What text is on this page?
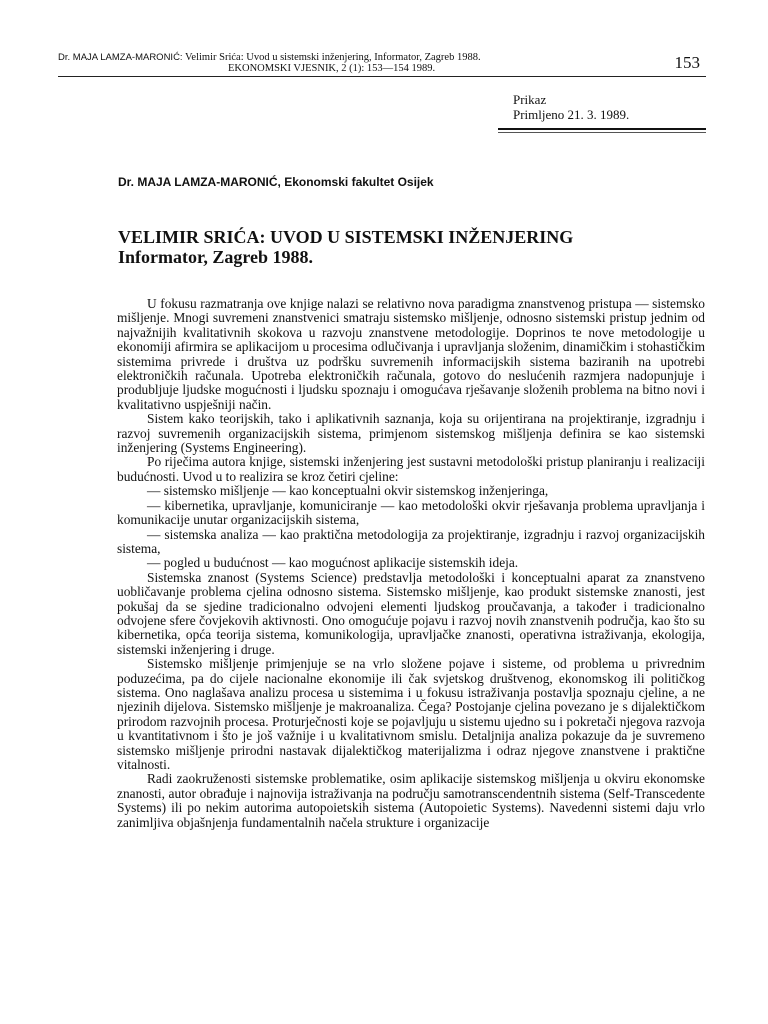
Dr. MAJA LAMZA-MARONIĆ: Velimir Srića: Uvod u sistemski inženjering, Informator, Zagreb 1988.
EKONOMSKI VJESNIK, 2 (1): 153—154 1989.	153
Prikaz
Primljeno 21. 3. 1989.
Dr. MAJA LAMZA-MARONIĆ, Ekonomski fakultet Osijek
VELIMIR SRIĆA: UVOD U SISTEMSKI INŽENJERING
Informator, Zagreb 1988.

U fokusu razmatranja ove knjige nalazi se relativno nova paradigma znanstvenog pristupa — sistemsko mišljenje. Mnogi suvremeni znanstvenici smatraju sistemsko mišljenje, odnosno sistemski pristup jednim od najvažnijih kvalitativnih skokova u razvoju znanstvene metodologije. Doprinos te nove metodologije u ekonomiji afirmira se aplikacijom u procesima odlučivanja i upravljanja složenim, dinamičkim i stohastičkim sistemima privrede i društva uz podršku suvremenih informacijskih sistema baziranih na upotrebi elektroničkih računala. Upotreba elektroničkih računala, gotovo do neslućenih razmjera nadopunjuje i produbljuje ljudske mogućnosti i ljudsku spoznaju i omogućava rješavanje složenih problema na bitno novi i kvalitativno uspješniji način.

Sistem kako teorijskih, tako i aplikativnih saznanja, koja su orijentirana na projektiranje, izgradnju i razvoj suvremenih organizacijskih sistema, primjenom sistemskog mišljenja definira se kao sistemski inženjering (Systems Engineering).

Po riječima autora knjige, sistemski inženjering jest sustavni metodološki pristup planiranju i realizaciji budućnosti. Uvod u to realizira se kroz četiri cjeline:

— sistemsko mišljenje — kao konceptualni okvir sistemskog inženjeringa,

— kibernetika, upravljanje, komuniciranje — kao metodološki okvir rješavanja problema upravljanja i komunikacije unutar organizacijskih sistema,

— sistemska analiza — kao praktična metodologija za projektiranje, izgradnju i razvoj organizacijskih sistema,

— pogled u budućnost — kao mogućnost aplikacije sistemskih ideja.

Sistemska znanost (Systems Science) predstavlja metodološki i konceptualni aparat za znanstveno uobličavanje problema cjelina odnosno sistema. Sistemsko mišljenje, kao produkt sistemske znanosti, jest pokušaj da se sjedine tradicionalno odvojeni elementi ljudskog proučavanja, a također i tradicionalno odvojene sfere čovjekovih aktivnosti. Ono omogućuje pojavu i razvoj novih znanstvenih područja, kao što su kibernetika, opća teorija sistema, komunikologija, upravljačke znanosti, operativna istraživanja, ekologija, sistemski inženjering i druge.

Sistemsko mišljenje primjenjuje se na vrlo složene pojave i sisteme, od problema u privrednim poduzećima, pa do cijele nacionalne ekonomije ili čak svjetskog društvenog, ekonomskog ili političkog sistema. Ono naglašava analizu procesa u sistemima i u fokusu istraživanja postavlja spoznaju cjeline, a ne njezinih dijelova. Sistemsko mišljenje je makroanaliza. Čega? Postojanje cjelina povezano je s dijalektičkom prirodom razvojnih procesa. Proturječnosti koje se pojavljuju u sistemu ujedno su i pokretači njegova razvoja u kvantitativnom i što je još važnije i u kvalitativnom smislu. Detaljnija analiza pokazuje da je suvremeno sistemsko mišljenje prirodni nastavak dijalektičkog materijalizma i odraz njegove znanstvene i praktične vitalnosti.

Radi zaokruženosti sistemske problematike, osim aplikacije sistemskog mišljenja u okviru ekonomske znanosti, autor obrađuje i najnovija istraživanja na području samotranscendentnih sistema (Self-Transcedente Systems) ili po nekim autorima autopoietskih sistema (Autopoietic Systems). Navedenni sistemi daju vrlo zanimljiva objašnjenja fundamentalnih načela strukture i organizacije
